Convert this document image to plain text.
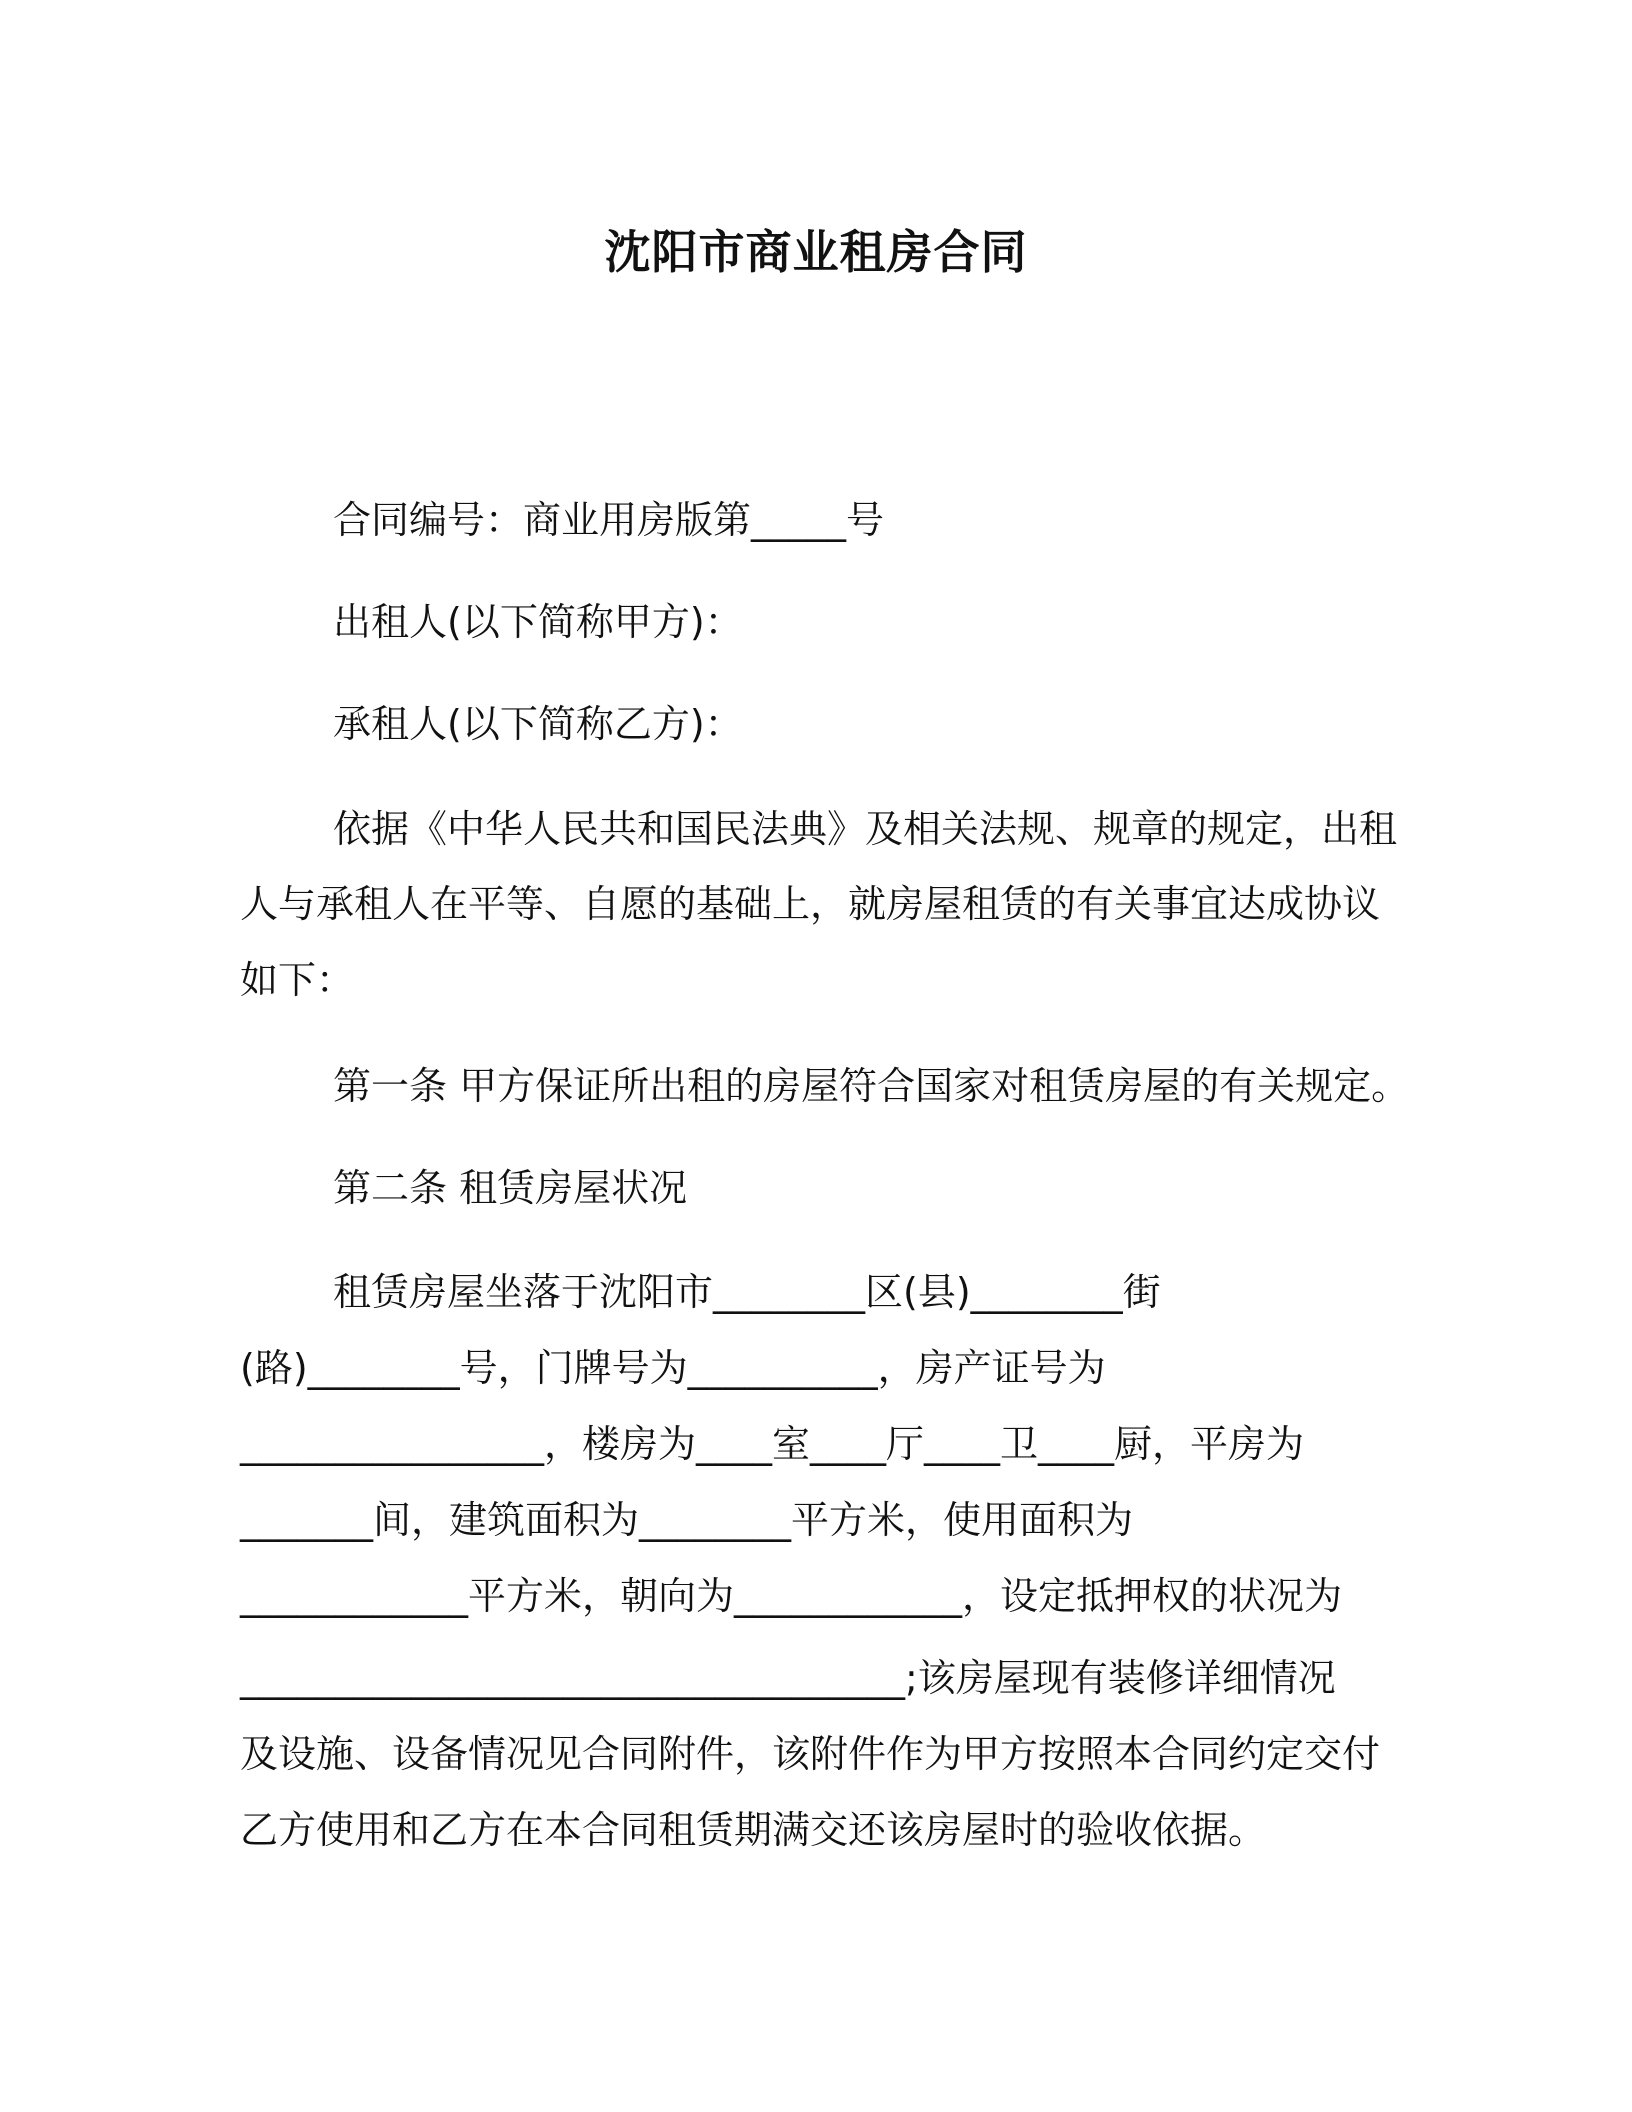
沈阳市商业租房合同
合同编号：商业用房版第_____号
出租人(以下简称甲方)：
承租人(以下简称乙方)：
依据《中华人民共和国民法典》及相关法规、规章的规定，出租
人与承租人在平等、自愿的基础上，就房屋租赁的有关事宜达成协议
如下：
第一条 甲方保证所出租的房屋符合国家对租赁房屋的有关规定。
第二条 租赁房屋状况
租赁房屋坐落于沈阳市________区(县)________街
(路)________号，门牌号为__________，房产证号为
________________，楼房为____室____厅____卫____厨，平房为
_______间，建筑面积为________平方米，使用面积为
____________平方米，朝向为____________，设定抵押权的状况为
___________________________________;该房屋现有装修详细情况
及设施、设备情况见合同附件，该附件作为甲方按照本合同约定交付
乙方使用和乙方在本合同租赁期满交还该房屋时的验收依据。
